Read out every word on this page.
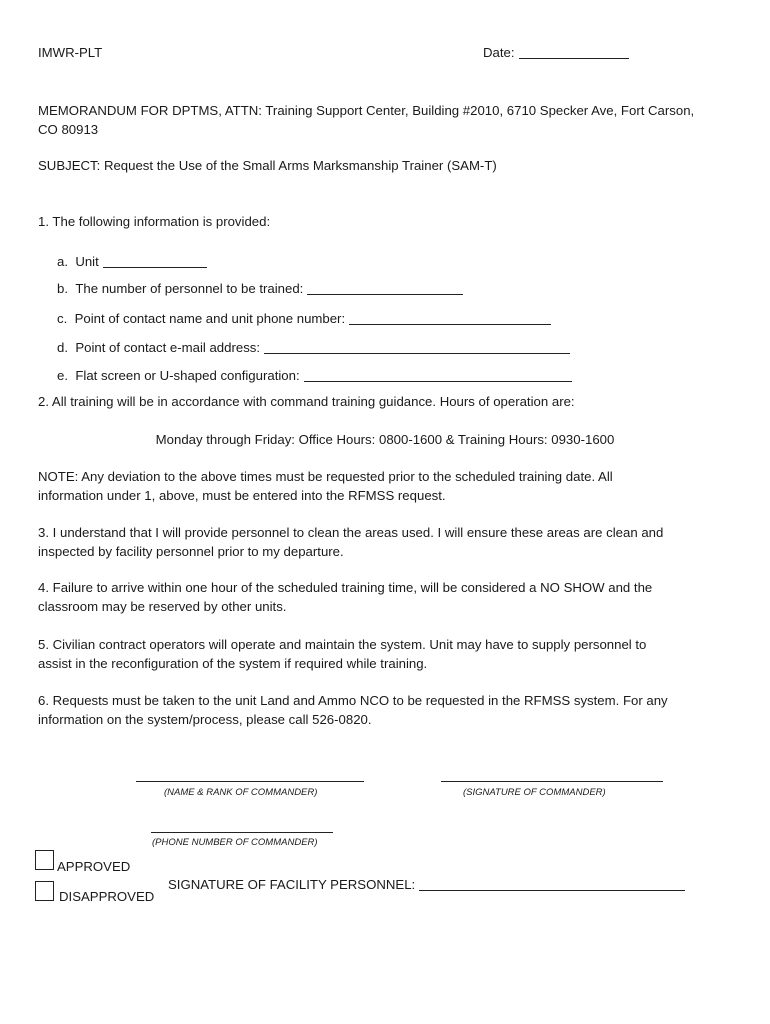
IMWR-PLT	Date:
MEMORANDUM FOR DPTMS, ATTN: Training Support Center, Building #2010, 6710 Specker Ave, Fort Carson,
CO 80913
SUBJECT: Request the Use of the Small Arms Marksmanship Trainer (SAM-T)
1. The following information is provided:
a. Unit
b. The number of personnel to be trained:
c. Point of contact name and unit phone number:
d. Point of contact e-mail address:
e. Flat screen or U-shaped configuration:
2. All training will be in accordance with command training guidance. Hours of operation are:
Monday through Friday: Office Hours: 0800-1600 & Training Hours: 0930-1600
NOTE: Any deviation to the above times must be requested prior to the scheduled training date. All
information under 1, above, must be entered into the RFMSS request.
3. I understand that I will provide personnel to clean the areas used. I will ensure these areas are clean and
inspected by facility personnel prior to my departure.
4. Failure to arrive within one hour of the scheduled training time, will be considered a NO SHOW and the
classroom may be reserved by other units.
5. Civilian contract operators will operate and maintain the system. Unit may have to supply personnel to
assist in the reconfiguration of the system if required while training.
6. Requests must be taken to the unit Land and Ammo NCO to be requested in the RFMSS system. For any
information on the system/process, please call 526-0820.
(NAME & RANK OF COMMANDER)	(SIGNATURE OF COMMANDER)
(PHONE NUMBER OF COMMANDER)
APPROVED
DISAPPROVED
SIGNATURE OF FACILITY PERSONNEL:
